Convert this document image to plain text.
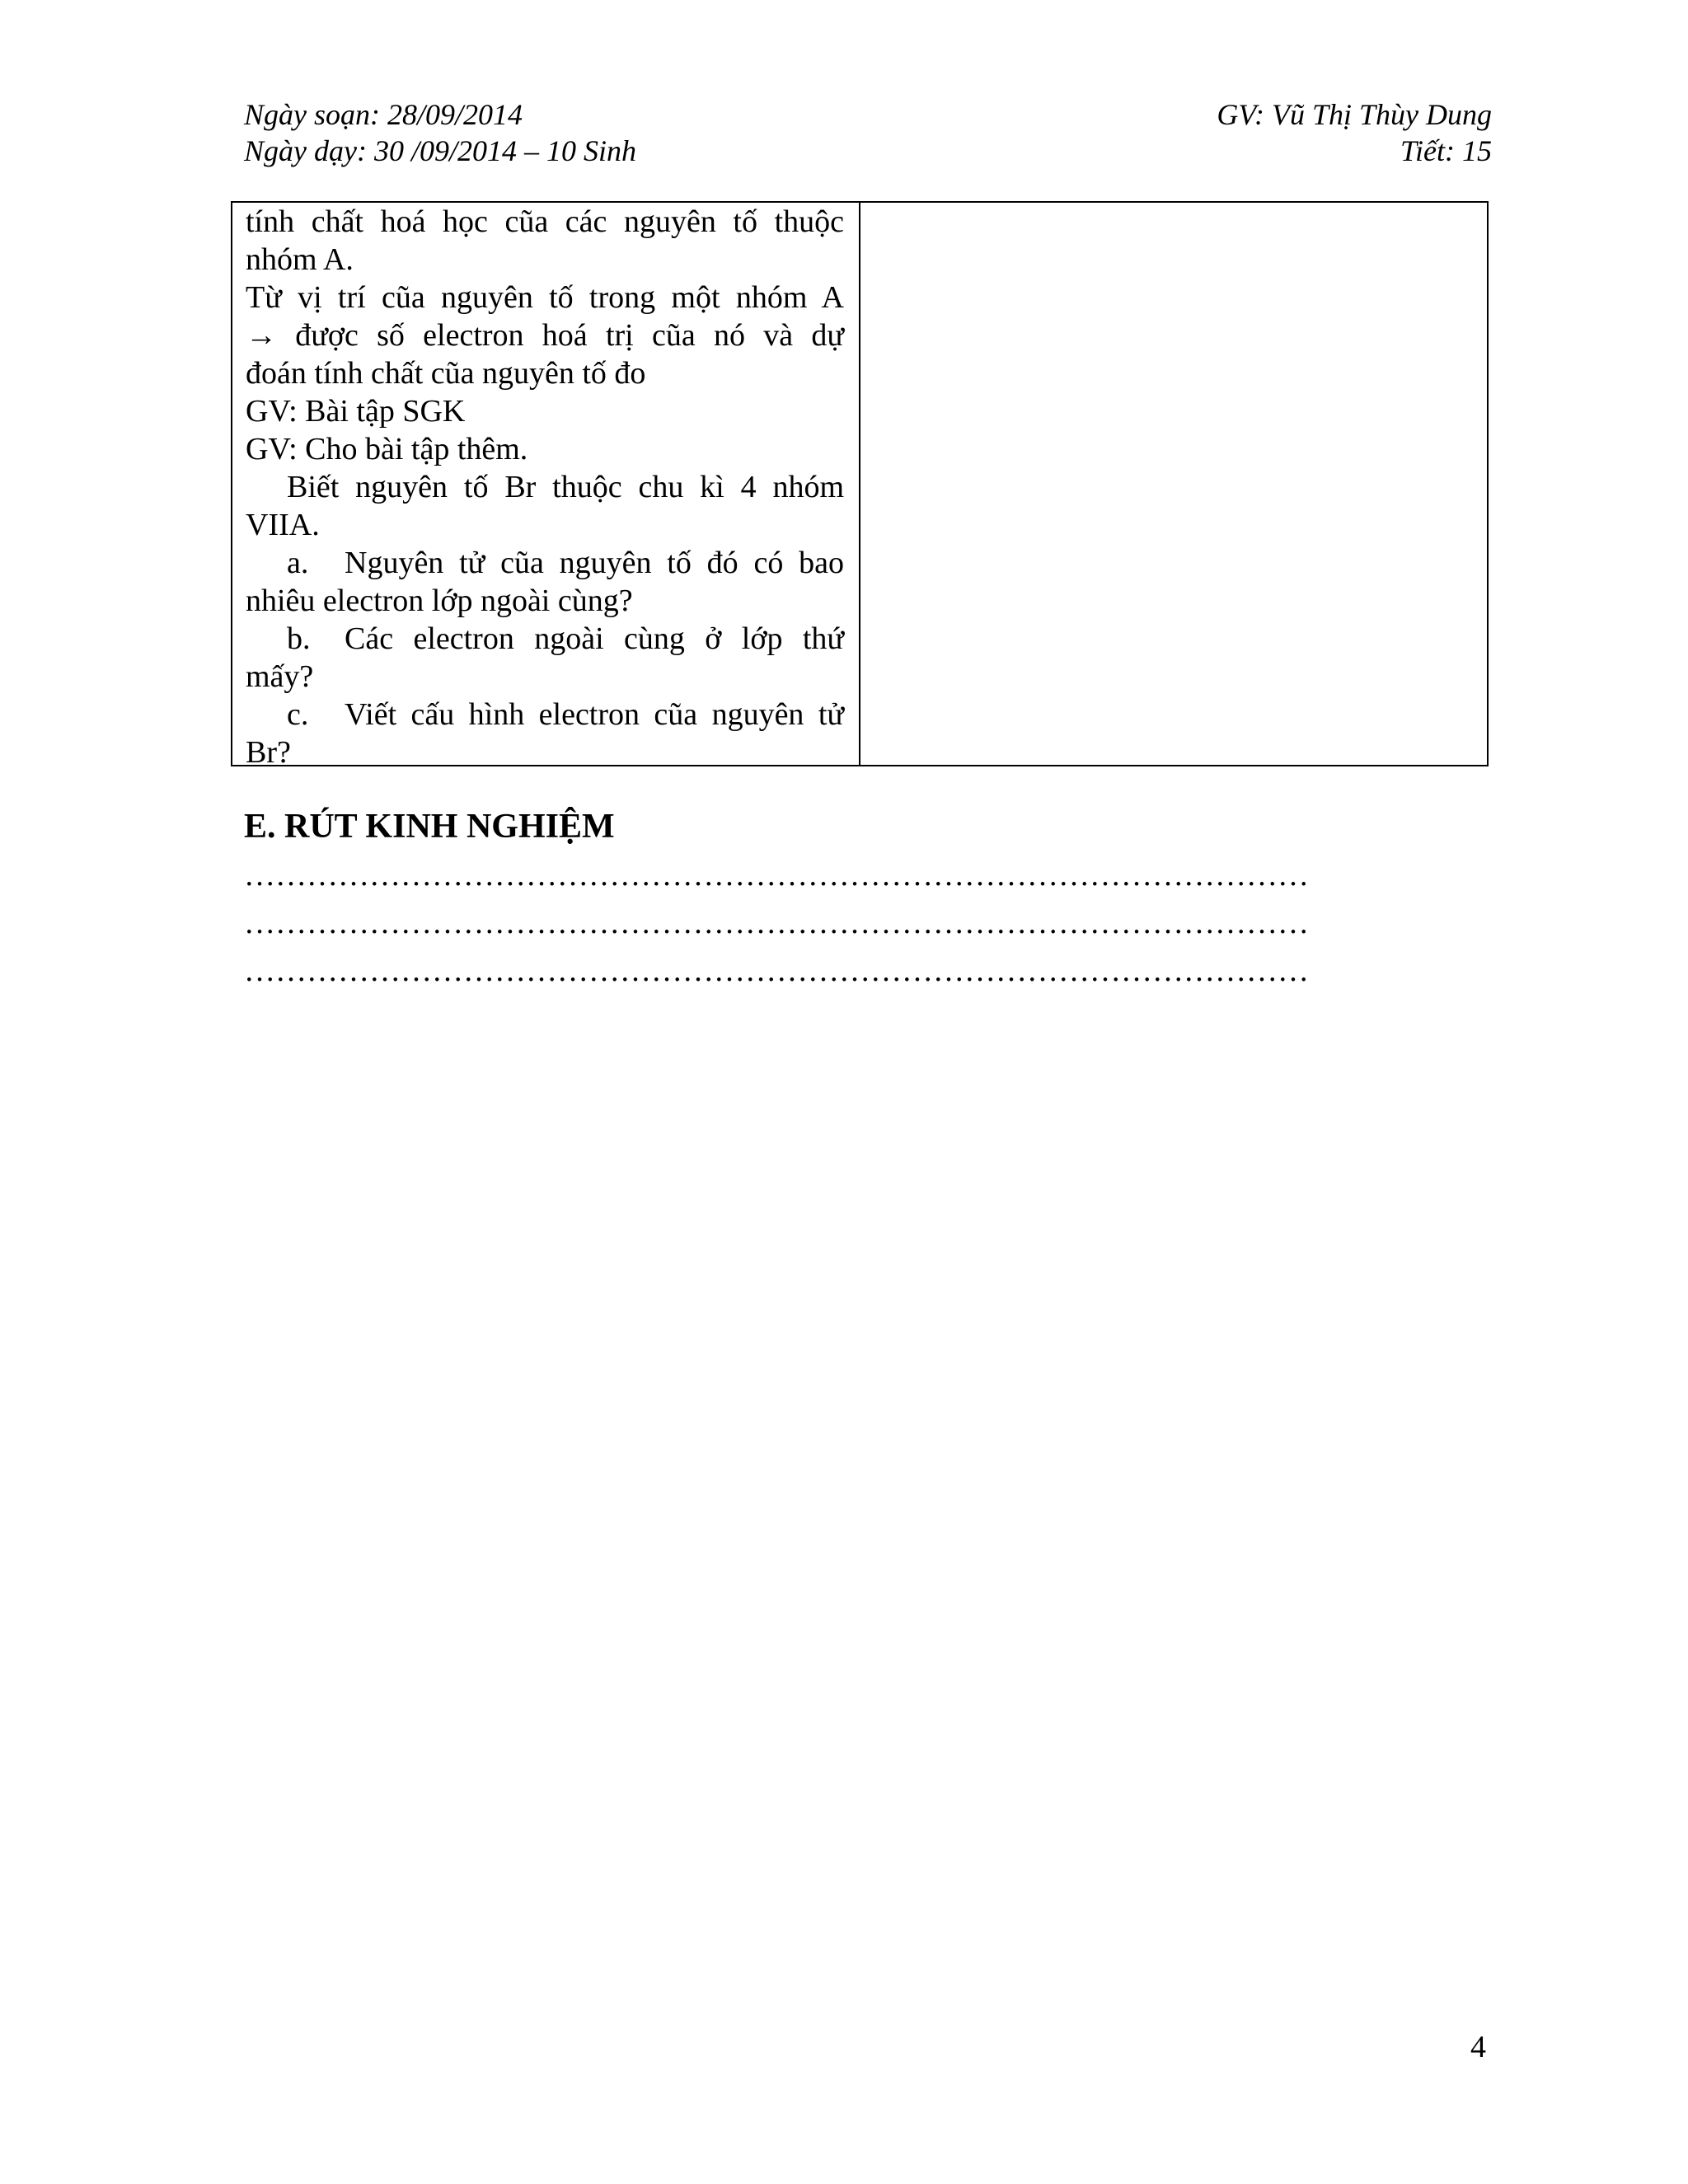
Ngày soạn: 28/09/2014	GV: Vũ Thị Thùy Dung
Ngày dạy: 30 /09/2014 – 10 Sinh	Tiết: 15
tính chất hoá học cũa các nguyên tố thuộc
nhóm A.
Từ vị trí cũa nguyên tố trong một nhóm A
→ được số electron hoá trị cũa nó và dự
đoán tính chất cũa nguyên tố đo
GV: Bài tập SGK
GV: Cho bài tập thêm.
Biết nguyên tố Br thuộc chu kì 4 nhóm
VIIA.
a. Nguyên tử cũa nguyên tố đó có bao
nhiêu electron lớp ngoài cùng?
b. Các electron ngoài cùng ở lớp thứ
mấy?
c. Viết cấu hình electron cũa nguyên tử
Br?
E. RÚT KINH NGHIỆM
…………………………………………………………………………………………
…………………………………………………………………………………………
…………………………………………………………………………………………
4
